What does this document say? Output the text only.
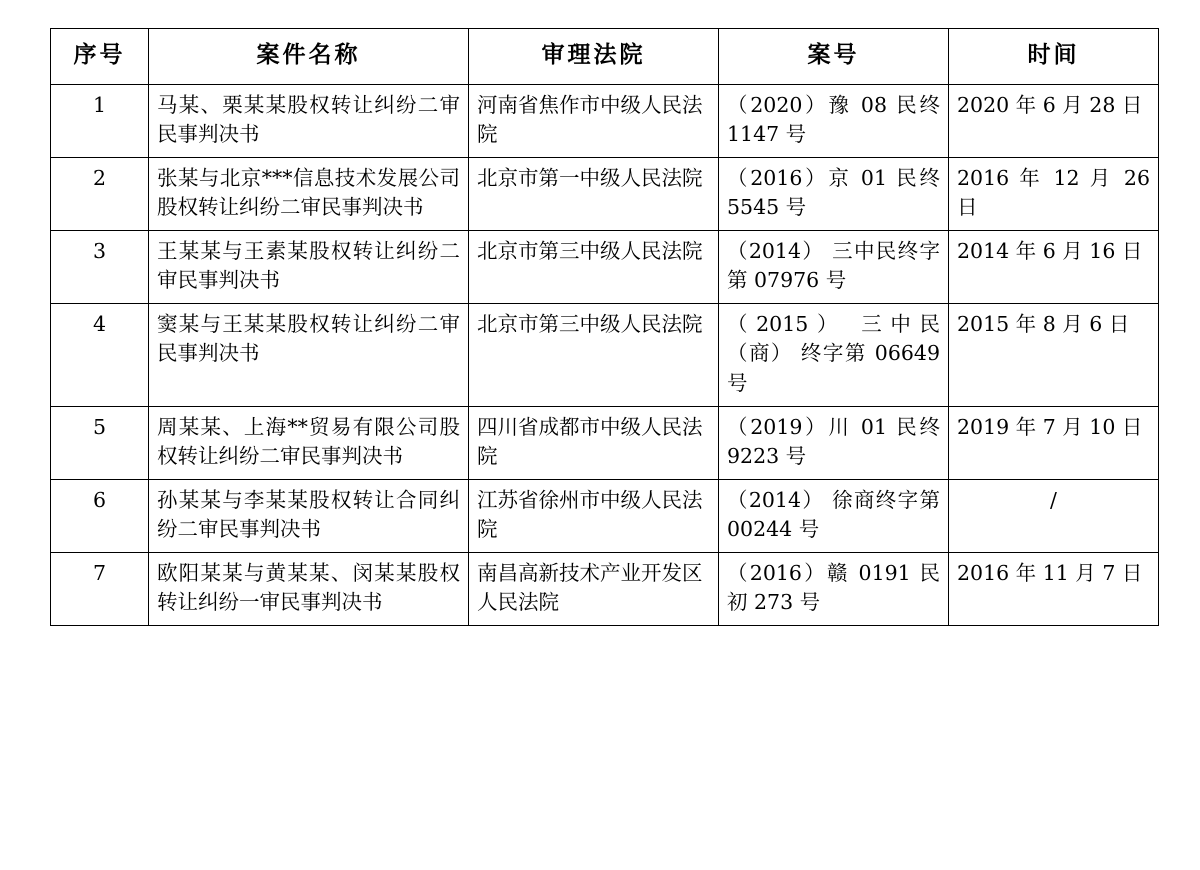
序号	案件名称	审理法院	案号	时间
1	马某、栗某某股权转让纠纷二审民事判决书	河南省焦作市中级人民法院	（2020）豫 08 民终 1147 号	2020 年 6 月 28 日
2	张某与北京***信息技术发展公司股权转让纠纷二审民事判决书	北京市第一中级人民法院	（2016）京 01 民终 5545 号	2016 年 12 月 26 日
3	王某某与王素某股权转让纠纷二审民事判决书	北京市第三中级人民法院	（2014） 三中民终字第 07976 号	2014 年 6 月 16 日
4	窦某与王某某股权转让纠纷二审民事判决书	北京市第三中级人民法院	（2015） 三中民（商） 终字第 06649 号	2015 年 8 月 6 日
5	周某某、上海**贸易有限公司股权转让纠纷二审民事判决书	四川省成都市中级人民法院	（2019）川 01 民终 9223 号	2019 年 7 月 10 日
6	孙某某与李某某股权转让合同纠纷二审民事判决书	江苏省徐州市中级人民法院	（2014） 徐商终字第 00244 号	/
7	欧阳某某与黄某某、闵某某股权转让纠纷一审民事判决书	南昌高新技术产业开发区人民法院	（2016）赣 0191 民初 273 号	2016 年 11 月 7 日
